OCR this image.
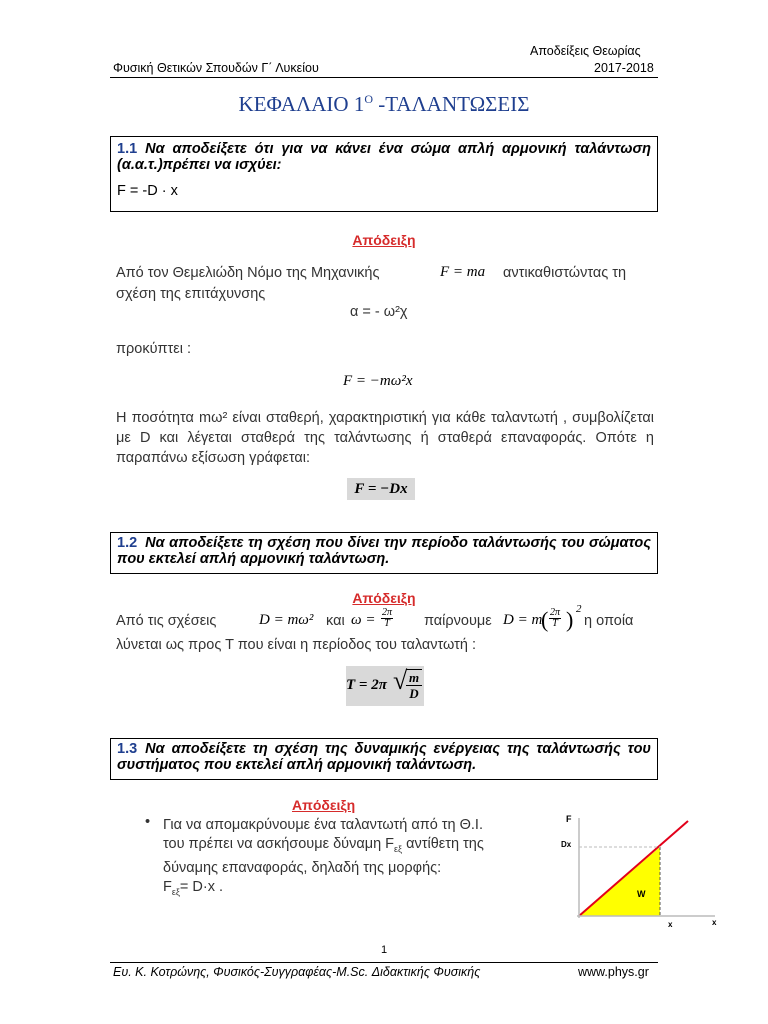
Αποδείξεις Θεωρίας
Φυσική Θετικών Σπουδών Γ΄ Λυκείου	2017-2018
ΚΕΦΑΛΑΙΟ $1^O$ -ΤΑΛΑΝΤΩΣΕΙΣ
1.1 Να αποδείξετε ότι για να κάνει ένα σώμα απλή αρμονική ταλάντωση (α.α.τ.)πρέπει να ισχύει:
F = -D · x
Απόδειξη
Από τον Θεμελιώδη Νόμο της Μηχανικής	F = ma αντικαθιστώντας τη
σχέση της επιτάχυνσης
α = - ω²χ
προκύπτει :
F = −mω²x
Η ποσότητα mω² είναι σταθερή, χαρακτηριστική για κάθε ταλαντωτή , συμβολίζεται με D και λέγεται σταθερά της ταλάντωσης ή σταθερά επαναφοράς. Οπότε η παραπάνω εξίσωση γράφεται:
F = −Dx
1.2 Να αποδείξετε τη σχέση που δίνει την περίοδο ταλάντωσής του σώματος που εκτελεί απλή αρμονική ταλάντωση.
Απόδειξη
Από τις σχέσεις	D = mω² και $\omega = \frac{2\pi}{T}$ παίρνουμε D = m
( $\frac{2\pi}{T}$ ) 2
η οποία
λύνεται ως προς Τ που είναι η περίοδος του ταλαντωτή :
T = 2π √
$\frac{m}{D}$
1.3 Να αποδείξετε τη σχέση της δυναμικής ενέργειας της ταλάντωσής του συστήματος που εκτελεί απλή αρμονική ταλάντωση.
Απόδειξη
• Για να απομακρύνουμε ένα ταλαντωτή από τη Θ.Ι.
του πρέπει να ασκήσουμε δύναμη $F_{\varepsilon\xi}$ αντίθετη της
δύναμης επαναφοράς, δηλαδή της μορφής:
$F_{\varepsilon\xi}= D\cdot x$ .
F
Dx
W
x	x
1
Ευ. Κ. Κοτρώνης, Φυσικός-Συγγραφέας-M.Sc. Διδακτικής Φυσικής	www.phys.gr
